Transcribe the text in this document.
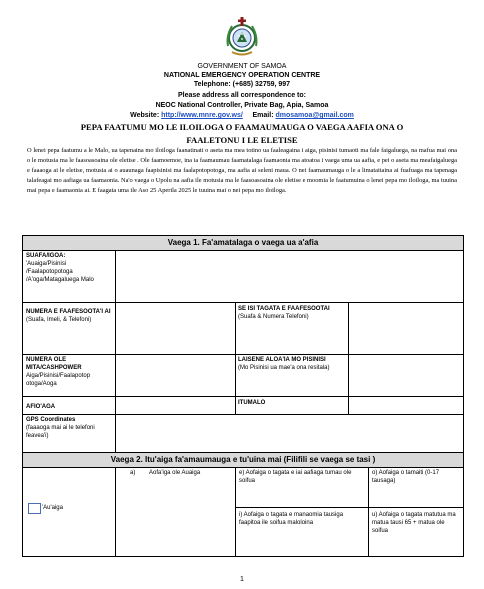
GOVERNMENT OF SAMOA
NATIONAL EMERGENCY OPERATION CENTRE
Telephone: (+685) 32759, 997
Please address all correspondence to:
NEOC National Controller, Private Bag, Apia, Samoa
Website: http://www.mnre.gov.ws/ Email: dmosamoa@gmail.com
PEPA FAATUMU MO LE ILOILOGA O FAAMAUMAUGA O VAEGA AAFIA ONA O
FAALETONU I LE ELETISE

O lenei pepa faatumu a le Malo, ua tapenaina mo iloiloga faanatinati o aseta ma mea totino ua faaleagaina i aiga, pisinisi tumaoti ma fale faigaluega, na mafua mai ona o le motusia ma le faasoasoaina ole eletise . Ole faamoemoe, ina ia faamaumau faamatalaga faamaonia ma atoatoa i vaega uma ua aafia, e pei o aseta ma meafaigaluega e faaaoga ai le eletise, motusia ai o auaunaga faapisinisi ma faalapotopotoga, ma aafia ai seleni maua. O nei faamaumauga o le a limataitaina ai fuafuaga ma tapenaga talafeagai mo aafiaga ua faamaonia. Na'o vaega o Upolu na aafia ile motusia ma le faasoasoaina ole eletise e moomia le faatumuina o lenei pepa mo iloiloga, ma tuuina mai pepa e faamaonia ai. E faagata uma ile Aso 25 Aperila 2025 le tuuina mai o nei pepa mo iloiloga.

Vaega 1. Fa'amatalaga o vaega ua a'afia
SUAFA/IGOA:
'Auaiga/Pisinisi /Faalapotopotoga /A'oga/Matagaluega Malo
NUMERA E FAAFESOOTA'I AI
(Suafa, Imeli, & Telefoni)
SE ISI TAGATA E FAAFESOOTAI
(Suafa & Numera Telefoni)
NUMERA OLE MITA/CASHPOWER
Aiga/Pisinisi/Faalapotop otoga/Aoga
LAISENE ALOA'IA MO PISINISI
(Mo Pisinisi ua mae'a ona resitala)
AFIO'AGA
ITUMALO
GPS Coordinates
(faaaoga mai ai le telefoni feavea'i)
Vaega 2. Itu'aiga fa'amaumauga e tu'uina mai (Filifili se vaega se tasi )
'Au'aiga
a) Aofa'iga ole Auaiga	e) Aofaiga o tagata e iai aafiaga tumau ole soifua
o) Aofaiga o tamaiti (0-17 tausaga)
i) Aofaiga o tagata e manaomia tausiga faapitoa ile soifua maloloina
u) Aofaiga o tagata matutua ma matua tausi 65 + matua ole soifua
1
